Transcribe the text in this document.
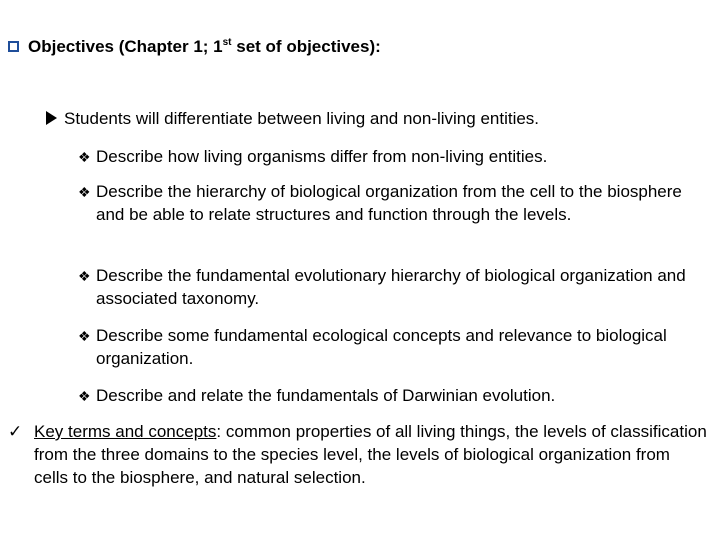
Objectives (Chapter 1; 1st set of objectives):
Students will differentiate between living and non-living entities.
❖ Describe how living organisms differ from non-living entities.
❖ Describe the hierarchy of biological organization from the cell to the biosphere and be able to relate structures and function through the levels.
❖ Describe the fundamental evolutionary hierarchy of biological organization and associated taxonomy.
❖ Describe some fundamental ecological concepts and relevance to biological organization.
❖ Describe and relate the fundamentals of Darwinian evolution.
✓ Key terms and concepts: common properties of all living things, the levels of classification from the three domains to the species level, the levels of biological organization from cells to the biosphere, and natural selection.
